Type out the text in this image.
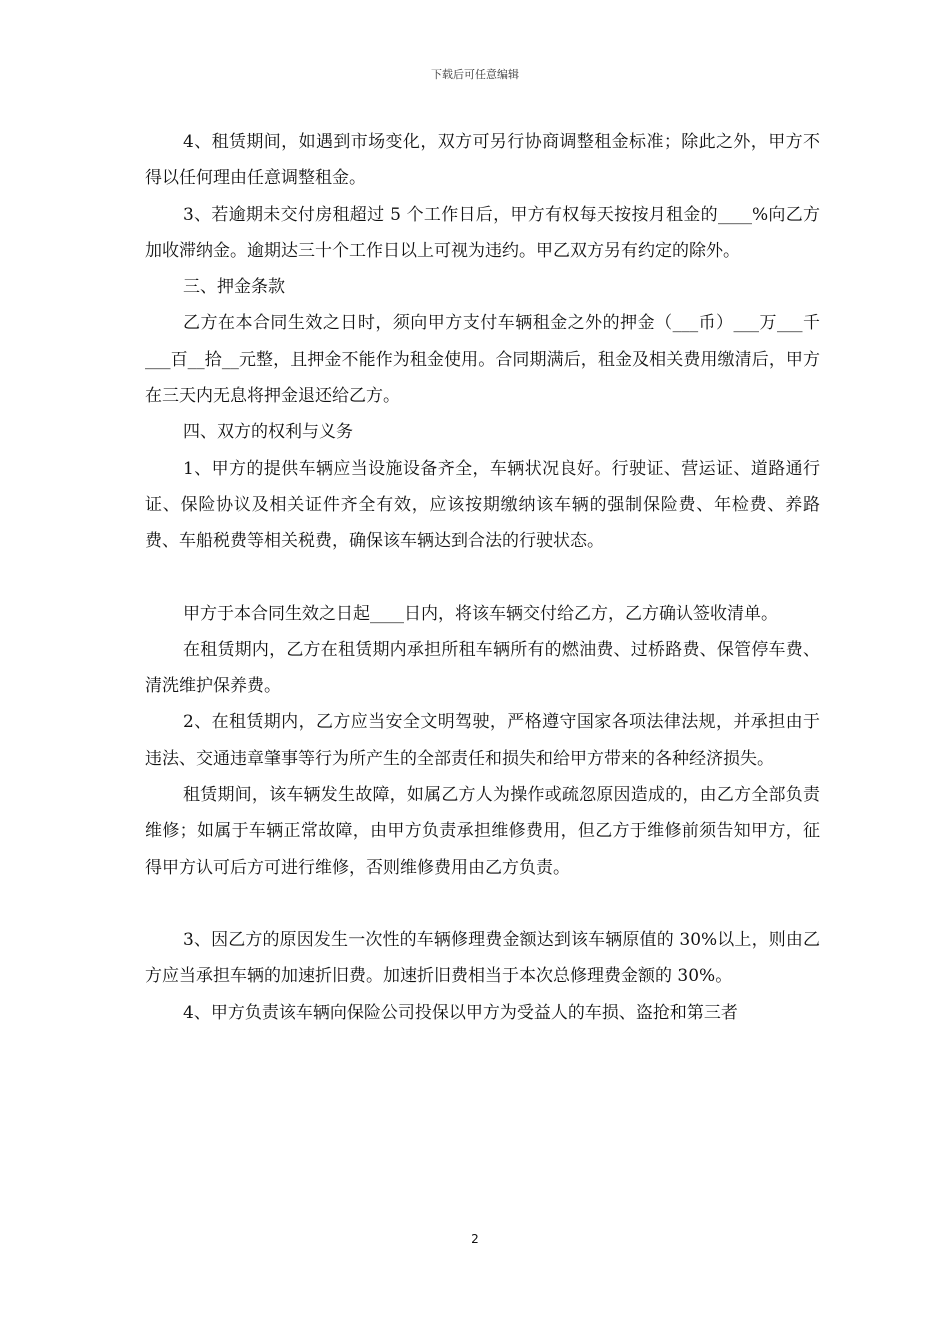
下载后可任意编辑

4、租赁期间，如遇到市场变化，双方可另行协商调整租金标准；除此之外，甲方不得以任何理由任意调整租金。

3、若逾期未交付房租超过 5 个工作日后，甲方有权每天按按月租金的____%向乙方加收滞纳金。逾期达三十个工作日以上可视为违约。甲乙双方另有约定的除外。

三、押金条款

乙方在本合同生效之日时，须向甲方支付车辆租金之外的押金（___币）___万___千___百__拾__元整，且押金不能作为租金使用。合同期满后，租金及相关费用缴清后，甲方在三天内无息将押金退还给乙方。

四、双方的权利与义务

1、甲方的提供车辆应当设施设备齐全，车辆状况良好。行驶证、营运证、道路通行证、保险协议及相关证件齐全有效，应该按期缴纳该车辆的强制保险费、年检费、养路费、车船税费等相关税费，确保该车辆达到合法的行驶状态。

甲方于本合同生效之日起____日内，将该车辆交付给乙方，乙方确认签收清单。

在租赁期内，乙方在租赁期内承担所租车辆所有的燃油费、过桥路费、保管停车费、清洗维护保养费。

2、在租赁期内，乙方应当安全文明驾驶，严格遵守国家各项法律法规，并承担由于违法、交通违章肇事等行为所产生的全部责任和损失和给甲方带来的各种经济损失。

租赁期间，该车辆发生故障，如属乙方人为操作或疏忽原因造成的，由乙方全部负责维修；如属于车辆正常故障，由甲方负责承担维修费用，但乙方于维修前须告知甲方，征得甲方认可后方可进行维修，否则维修费用由乙方负责。

3、因乙方的原因发生一次性的车辆修理费金额达到该车辆原值的 30%以上，则由乙方应当承担车辆的加速折旧费。加速折旧费相当于本次总修理费金额的 30%。

4、甲方负责该车辆向保险公司投保以甲方为受益人的车损、盗抢和第三者

2
